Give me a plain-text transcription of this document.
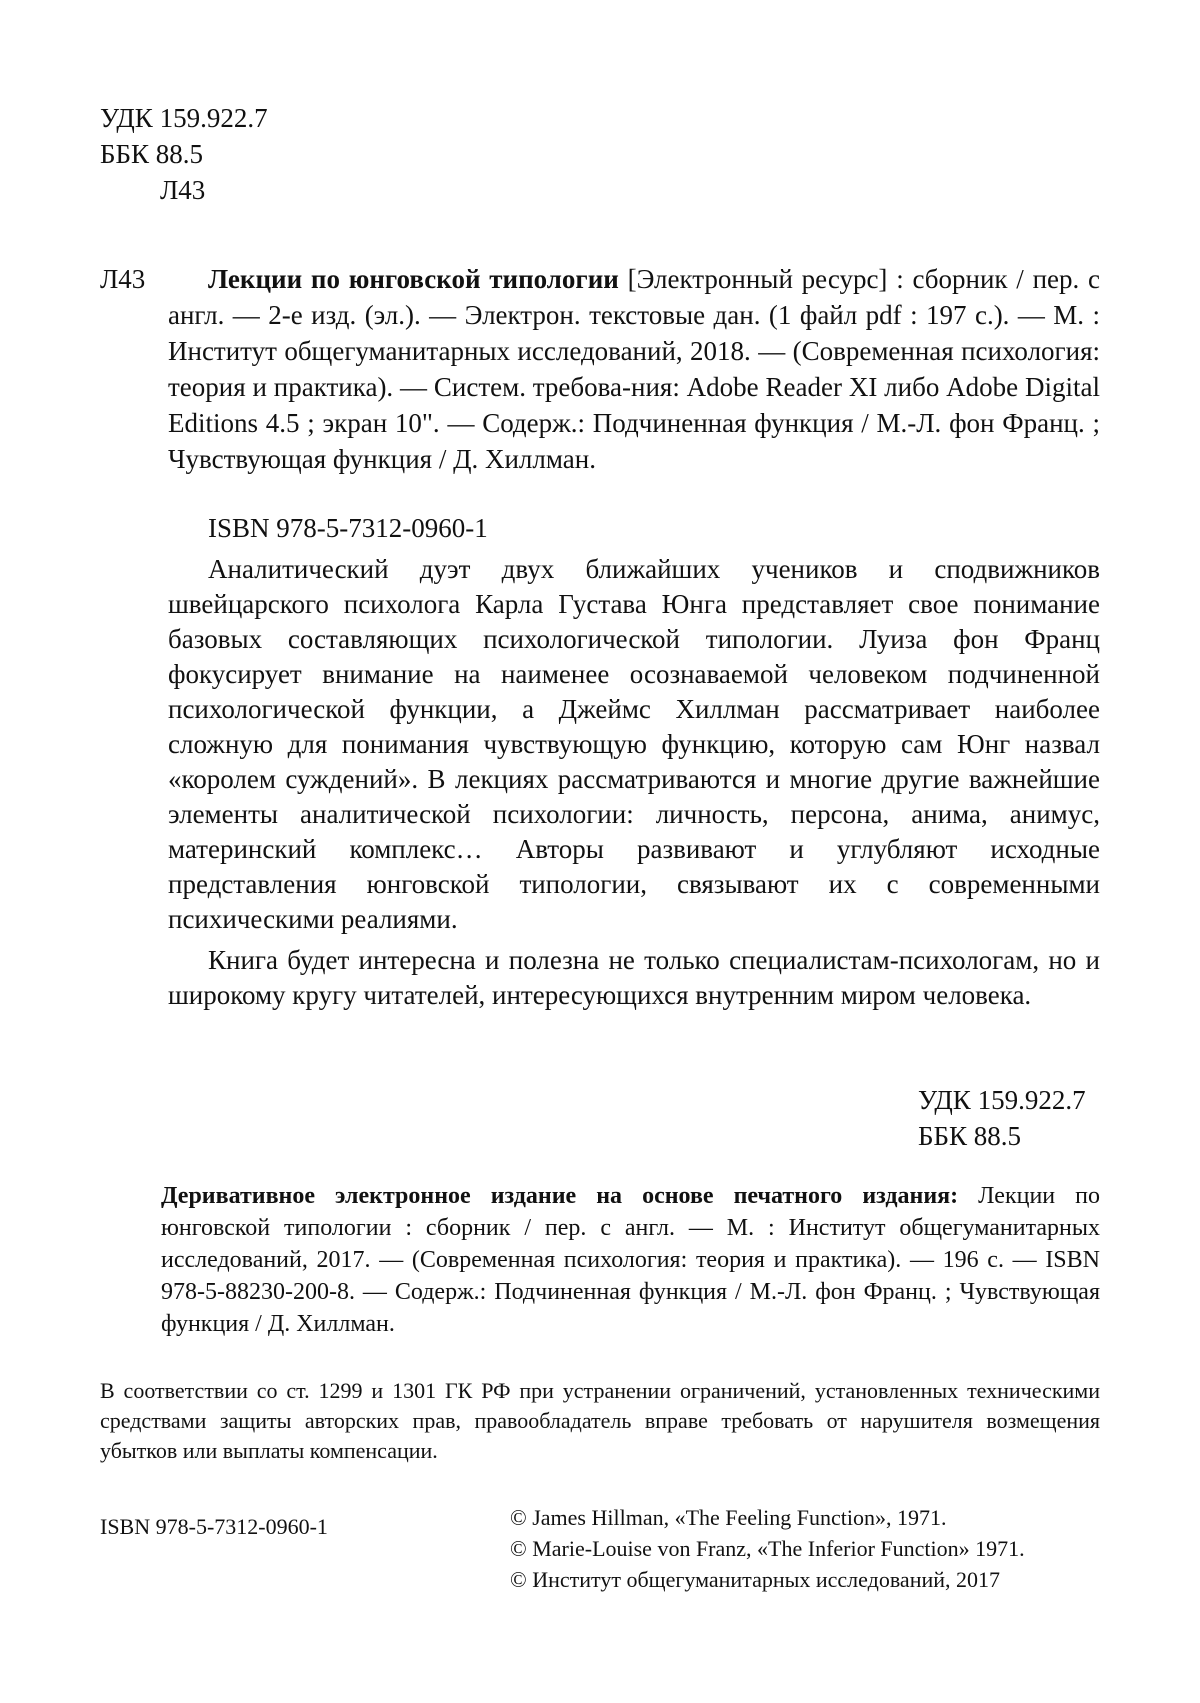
УДК 159.922.7
ББК 88.5
Л43
Л43	Лекции по юнговской типологии [Электронный ресурс] : сборник / пер. с англ. — 2-е изд. (эл.). — Электрон. текстовые дан. (1 файл pdf : 197 с.). — М. : Институт общегуманитарных исследований, 2018. — (Современная психология: теория и практика). — Систем. требова-ния: Adobe Reader XI либо Adobe Digital Editions 4.5 ; экран 10". — Содерж.: Подчиненная функция / М.-Л. фон Франц. ; Чувствующая функция / Д. Хиллман.
ISBN 978-5-7312-0960-1

Аналитический дуэт двух ближайших учеников и сподвижников швейцарского психолога Карла Густава Юнга представляет свое понимание базовых составляющих психологической типологии. Луиза фон Франц фокусирует внимание на наименее осознаваемой человеком подчиненной психологической функции, а Джеймс Хиллман рассматривает наиболее сложную для понимания чувствующую функцию, которую сам Юнг назвал «королем суждений». В лекциях рассматриваются и многие другие важнейшие элементы аналитической психологии: личность, персона, анима, анимус, материнский комплекс… Авторы развивают и углубляют исходные представления юнговской типологии, связывают их с современными психическими реалиями.

Книга будет интересна и полезна не только специалистам-психологам, но и широкому кругу читателей, интересующихся внутренним миром человека.

УДК 159.922.7
ББК 88.5
Деривативное электронное издание на основе печатного издания: Лекции по юнговской типологии : сборник / пер. с англ. — М. : Институт общегуманитарных исследований, 2017. — (Современная психология: теория и практика). — 196 с. — ISBN 978-5-88230-200-8. — Содерж.: Подчиненная функция / М.-Л. фон Франц. ; Чувствующая функция / Д. Хиллман.
В соответствии со ст. 1299 и 1301 ГК РФ при устранении ограничений, установленных техническими средствами защиты авторских прав, правообладатель вправе требовать от нарушителя возмещения убытков или выплаты компенсации.
ISBN 978-5-7312-0960-1	© James Hillman, «The Feeling Function», 1971.
© Marie-Louise von Franz, «The Inferior Function» 1971.
© Институт общегуманитарных исследований, 2017
